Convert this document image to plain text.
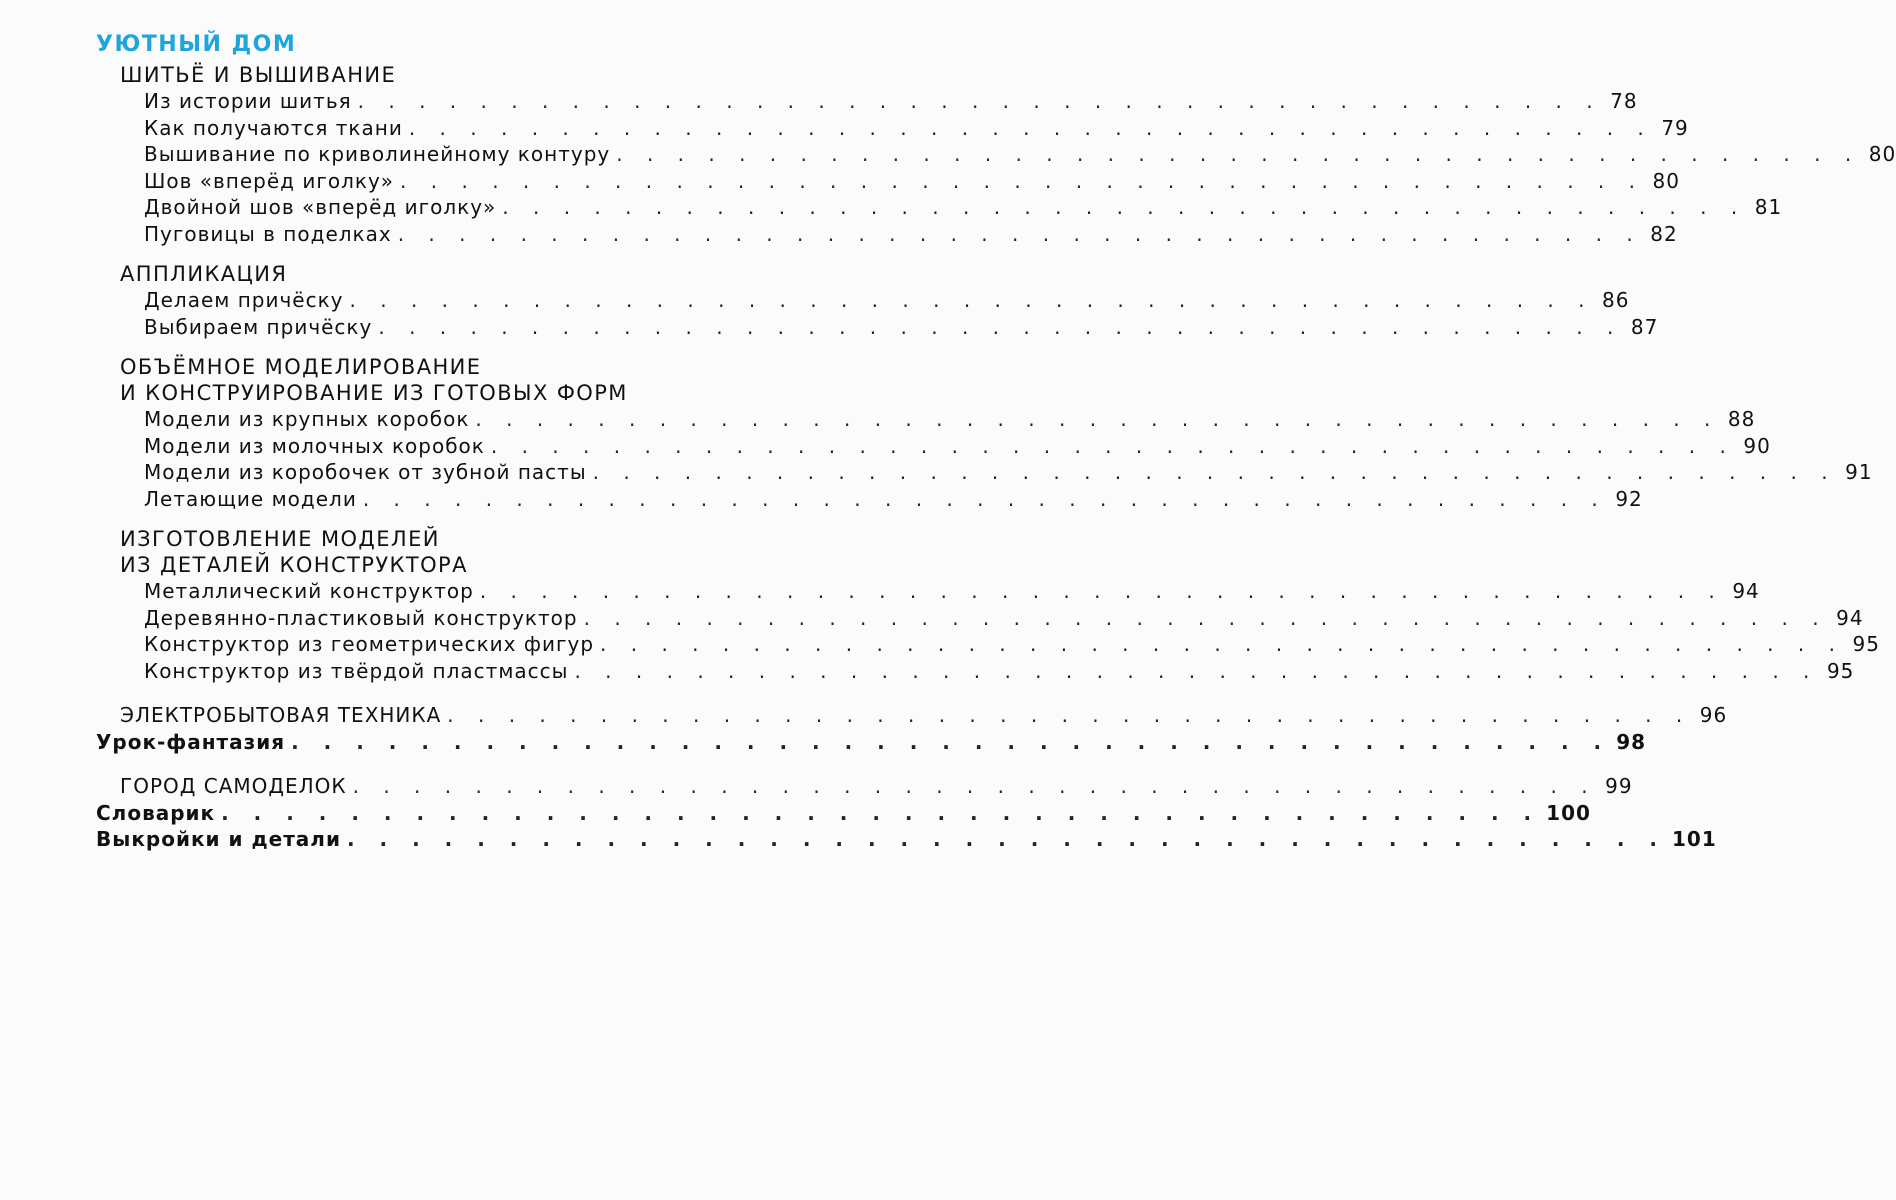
УЮТНЫЙ ДОМ
ШИТЬЁ И ВЫШИВАНИЕ
Из истории шитья . . . . . . . . . . . . . . . . . . . . . . . . . . . . . . . . . . . . . . . . . 78
Как получаются ткани . . . . . . . . . . . . . . . . . . . . . . . . . . . . . . . . . . . . . . . . . 79
Вышивание по криволинейному контуру . . . . . . . . . . . . . . . . . . . . . . . . . . . . . . . . . . . . . . . . . 80
Шов «вперёд иголку» . . . . . . . . . . . . . . . . . . . . . . . . . . . . . . . . . . . . . . . . . 80
Двойной шов «вперёд иголку» . . . . . . . . . . . . . . . . . . . . . . . . . . . . . . . . . . . . . . . . . 81
Пуговицы в поделках . . . . . . . . . . . . . . . . . . . . . . . . . . . . . . . . . . . . . . . . . 82
АППЛИКАЦИЯ
Делаем причёску . . . . . . . . . . . . . . . . . . . . . . . . . . . . . . . . . . . . . . . . . 86
Выбираем причёску . . . . . . . . . . . . . . . . . . . . . . . . . . . . . . . . . . . . . . . . . 87
ОБЪЁМНОЕ МОДЕЛИРОВАНИЕ
И КОНСТРУИРОВАНИЕ ИЗ ГОТОВЫХ ФОРМ
Модели из крупных коробок . . . . . . . . . . . . . . . . . . . . . . . . . . . . . . . . . . . . . . . . . 88
Модели из молочных коробок . . . . . . . . . . . . . . . . . . . . . . . . . . . . . . . . . . . . . . . . . 90
Модели из коробочек от зубной пасты . . . . . . . . . . . . . . . . . . . . . . . . . . . . . . . . . . . . . . . . . 91
Летающие модели . . . . . . . . . . . . . . . . . . . . . . . . . . . . . . . . . . . . . . . . . 92
ИЗГОТОВЛЕНИЕ МОДЕЛЕЙ
ИЗ ДЕТАЛЕЙ КОНСТРУКТОРА
Металлический конструктор . . . . . . . . . . . . . . . . . . . . . . . . . . . . . . . . . . . . . . . . . 94
Деревянно-пластиковый конструктор . . . . . . . . . . . . . . . . . . . . . . . . . . . . . . . . . . . . . . . . . 94
Конструктор из геометрических фигур . . . . . . . . . . . . . . . . . . . . . . . . . . . . . . . . . . . . . . . . . 95
Конструктор из твёрдой пластмассы . . . . . . . . . . . . . . . . . . . . . . . . . . . . . . . . . . . . . . . . . 95
ЭЛЕКТРОБЫТОВАЯ ТЕХНИКА . . . . . . . . . . . . . . . . . . . . . . . . . . . . . . . . . . . . . . . . . 96
Урок-фантазия . . . . . . . . . . . . . . . . . . . . . . . . . . . . . . . . . . . . . . . . . 98
ГОРОД САМОДЕЛОК . . . . . . . . . . . . . . . . . . . . . . . . . . . . . . . . . . . . . . . . . 99
Словарик . . . . . . . . . . . . . . . . . . . . . . . . . . . . . . . . . . . . . . . . . 100
Выкройки и детали . . . . . . . . . . . . . . . . . . . . . . . . . . . . . . . . . . . . . . . . . 101
